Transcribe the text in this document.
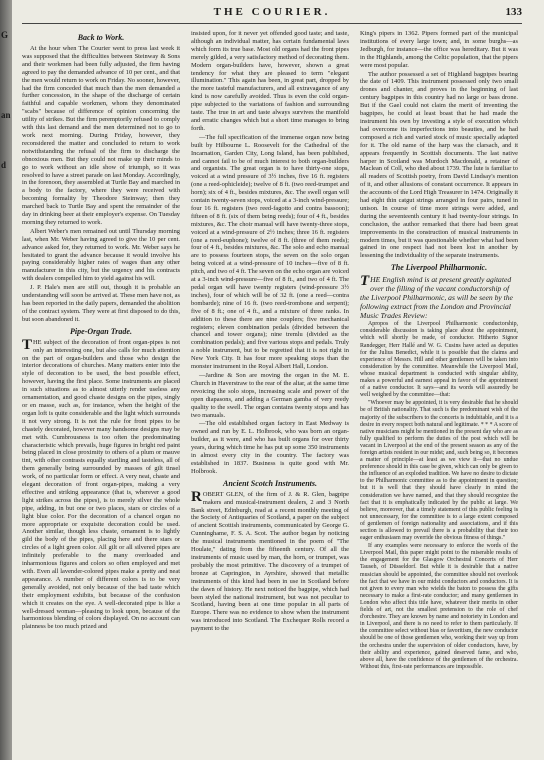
G
an
d
THE COURIER.	133
Back to Work.

At the hour when The Courier went to press last week it was supposed that the difficulties between Steinway & Sons and their workmen had been fully adjusted, the firm having agreed to pay the demanded advance of 10 per cent., and that the men would return to work on Friday. No sooner, however, had the firm conceded that much than the men demanded a further concession, in the shape of the discharge of certain faithful and capable workmen, whom they denominated "scabs" because of difference of opinion concerning the utility of strikes. But the firm peremptorily refused to comply with this last demand and the men determined not to go to work next morning. During Friday, however, they reconsidered the matter and concluded to return to work notwithstanding the refusal of the firm to discharge the obnoxious men. But they could not make up their minds to go to work without an idle show of triumph, so it was resolved to have a street parade on last Monday. Accordingly, in the forenoon, they assembled at Turtle Bay and marched in a body to the factory, where they were received with becoming formality by Theodore Steinway; then they marched back to Turtle Bay and spent the remainder of the day in drinking beer at their employer's expense. On Tuesday morning they returned to work.

Albert Weber's men remained out until Thursday morning last, when Mr. Weber having agreed to give the 10 per cent. advance asked for, they returned to work. Mr. Weber says he hesitated to grant the advance because it would involve his paying considerably higher rates of wages than any other manufacturer in this city, but the urgency and his contracts with dealers compelled him to yield against his will.

J. P. Hale's men are still out, though it is probable an understanding will soon be arrived at. These men have not, as has been reported in the daily papers, demanded the abolition of the contract system. They were at first disposed to do this, but soon abandoned it.

Pipe-Organ Trade.

THE subject of the decoration of front organ-pipes is not only an interesting one, but also calls for much attention on the part of organ-builders and those who design the interior decorations of churches. Many matters enter into the style of decoration to be used, the best possible effect, however, having the first place. Some instruments are placed in such situations as to almost utterly render useless any ornamentation, and good chaste designs on the pipes, singly or en masse, such as, for instance, when the height of the organ loft is quite considerable and the light which surrounds it not very strong. It is not the rule for front pipes to be chastely decorated, however many handsome designs may be met with. Cumbrousness is too often the predominating characteristic which prevails, huge figures in bright red paint being placed in close proximity to others of a plum or mauve tint, with other contrasts equally startling and tasteless, all of them generally being surrounded by masses of gilt tinsel work, of no particular form or effect. A very neat, chaste and elegant decoration of front organ-pipes, making a very effective and striking appearance (that is, wherever a good light strikes across the pipes), is to merely silver the whole pipe, adding, in but one or two places, stars or circles of a light blue color. For the decoration of a chancel organ no more appropriate or exquisite decoration could be used. Another similar, though less chaste, ornament is to lightly gild the body of the pipes, placing here and there stars or circles of a light green color. All gilt or all silvered pipes are infinitely preferable to the many overloaded and inharmonious figures and colors so often employed and met with. Even all lavender-colored pipes make a pretty and neat appearance. A number of different colors is to be very generally avoided, not only because of the bad taste which their employment exhibits, but because of the confusion which it creates on the eye. A well-decorated pipe is like a well-dressed woman—pleasing to look upon, because of the harmonious blending of colors displayed. On no account can plainness be too much prized and

insisted upon, for it never yet offended good taste; and taste, although an individual matter, has certain fundamental laws which form its true base. Most old organs had the front pipes merely gilded, a very satisfactory method of decorating them. Modern organ-builders have, however, shown a great tendency for what they are pleased to term "elegant illumination." This again has been, in great part, dropped by the more tasteful manufacturers, and all extravagance of any kind is now carefully avoided. Thus is even the cold organ-pipe subjected to the variations of fashion and surrounding taste. The true in art and taste always survives the manifold and erratic changes which but a short time manages to bring forth.

—The full specification of the immense organ now being built by Hilbourne L. Roosevelt for the Cathedral of the Incarnation, Garden City, Long Island, has been published, and cannot fail to be of much interest to both organ-builders and organists. The great organ is to have thirty-one stops, voiced at a wind pressure of 3½ inches, five 16 ft. registers (one a reed-ophicleide); twelve of 8 ft. (two reed-trumpet and horn); six of 4 ft., besides mixtures, &c. The swell organ will contain twenty-seven stops, voiced at a 3-inch wind-pressure; four 16 ft. registers (two reed-fagotto and contra bassoon); fifteen of 8 ft. (six of them being reeds); four of 4 ft., besides mixtures, &c. The choir manual will have twenty-three stops, voiced at a wind-pressure of 2½ inches; three 16 ft. registers (one a reed-euphone); twelve of 8 ft. (three of them reeds); four of 4 ft., besides mixtures, &c. The solo and echo manual are to possess fourteen stops, the seven on the solo organ being voiced at a wind-pressure of 10 inches—five of 8 ft. pitch, and two of 4 ft. The seven on the echo organ are voiced at a 3-inch wind-pressure—five of 8 ft., and two of 4 ft. The pedal organ will have twenty registers (wind-pressure 3½ inches), four of which will be of 32 ft. (one a reed—contra bombarde); nine of 16 ft. (two reed-trombone and serpent); five of 8 ft.; one of 4 ft., and a mixture of three ranks. In addition to these there are nine couplers; five mechanical registers; eleven combination pedals (divided between the chancel and tower organs); nine tremlu (divided as the combination pedals); and five various stops and pedals. Truly a noble instrument, but to be regretted that it is not right in New York City. It has four more speaking stops than the monster instrument in the Royal Albert Hall, London.

—Jardine & Son are moving the organ in the M. E. Church in Haverstraw to the rear of the altar, at the same time revoicing the solo stops, increasing scale and power of the open diapasons, and adding a German gamba of very reedy quality to the swell. The organ contains twenty stops and has two manuals.

—The old established organ factory in East Medway is owned and run by E. L. Holbrook, who was born an organ-builder, as it were, and who has built organs for over thirty years, during which time he has put up some 350 instruments in almost every city in the country. The factory was established in 1837. Business is quite good with Mr. Holbrook.

Ancient Scotch Instruments.

ROBERT GLEN, of the firm of J. & R. Glen, bagpipe makers and musical-instrument dealers, 2 and 3 North Bank street, Edinburgh, read at a recent monthly meeting of the Society of Antiquaries of Scotland, a paper on the subject of ancient Scottish instruments, communicated by George G. Cunninghame, F. S. A. Scot. The author began by noticing the musical instruments mentioned in the poem of "The Houlate," dating from the fifteenth century. Of all the instruments of music used by man, the horn, or trumpet, was probably the most primitive. The discovery of a trumpet of bronze at Caprington, in Ayrshire, showed that metallic instruments of this kind had been in use in Scotland before the dawn of history. He next noticed the bagpipe, which had been styled the national instrument, but was not peculiar to Scotland, having been at one time popular in all parts of Europe. There was no evidence to show when the instrument was introduced into Scotland. The Exchequer Rolls record a payment to the

King's pipers in 1362. Pipers formed part of the municipal institutions of every large town; and, in some burghs—as Jedburgh, for instance—the office was hereditary. But it was in the Highlands, among the Celtic population, that the pipers were most popular.

The author possessed a set of Highland bagpipes bearing the date of 1409. This instrument possessed only two small drones and chanter, and proves in the beginning of last century bagpipes in this country had no large or bass drone. But if the Gael could not claim the merit of inventing the bagpipes, he could at least boast that he had made the instrument his own by investing a style of execution which had overcome its imperfections into beauties, and he had composed a rich and varied stock of music specially adapted for it. The old name of the harp was the clarsach, and it appears frequently in Scottish documents. The last native harper in Scotland was Murdoch Macdonald, a retainer of Maclean of Coll, who died about 1739. The lute is familiar to all readers of Scottish poetry, from David Lindsay's mention of it, and other allusions of constant occurrence. It appears in the accounts of the Lord High Treasurer in 1474. Originally it had eight thin catgut strings arranged in four pairs, tuned in unison. In course of time more strings were added, and during the seventeenth century it had twenty-four strings. In conclusion, the author remarked that there had been great improvements in the construction of musical instruments in modern times, but it was questionable whether what had been gained in one respect had not been lost in another by lessening the individuality of the separate instruments.

The Liverpool Philharmonic.

THE English mind is at present greatly agitated over the filling of the vacant conductorship of the Liverpool Philharmonic, as will be seen by the following extract from the London and Provincial Music Trades Review:

Apropos of the Liverpool Philharmonic conductorship, considerable discussion is taking place about the appointment, which will shortly be made, of conductor. Hitherto Signor Randegger, Herr Hallé and W. G. Cusins have acted as deputies for the Julius Benedict, while it is possible that the claims and experience of Messrs. Hill and other gentlemen will be taken into consideration by the committee. Meanwhile the Liverpool Mail, whose musical department is conducted with singular ability, makes a powerful and earnest appeal in favor of the appointment of a native conductor. It says—and its words will assuredly be well weighed by the committee—that:

"Whoever may be appointed, it is very desirable that he should be of British nationality. That such is the predominant wish of the majority of the subscribers to the concerts is indubitable, and it is a desire in every respect both natural and legitimate. * * * A score of native musicians might be mentioned in the present day who are as fully qualified to perform the duties of the post which will be vacant in Liverpool at the end of the present season as any of the foreign artists resident in our midst; and, such being so, it becomes a matter of principle—at least as we view it—that no undue preference should in this case be given, which can only be given to the influence of an exploded tradition. We have no desire to dictate to the Philharmonic committee as to the appointment in question; but it is well that they should have clearly in mind the consideration we have named, and that they should recognize the fact that it is emphatically indicated by the public at large. We believe, moreover, that a timely statement of this public feeling is not unnecessary, for the committee is to a large extent composed of gentlemen of foreign nationality and associations, and if this section is allowed to prevail there is a probability that their too eager enthusiasm may override the obvious fitness of things."

If any examples were necessary to enforce the words of the Liverpool Mail, this paper might point to the miserable results of the engagement for the Glasgow Orchestral Concerts of Herr Tauseh, of Düsseldorf. But while it is desirable that a native musician should be appointed, the committee should not overlook the fact that we have in our midst conductors and conductors. It is not given to every man who wields the baton to possess the gifts necessary to make a first-rate conductor; and many gentlemen in London who affect this title have, whatever their merits in other fields of art, not the smallest pretension to the role of chef d'orchestre. They are known by name and notoriety in London and in Liverpool, and there is no need to refer to them particularly. If the committee select without bias or favoritism, the new conductor should be one of those gentlemen who, working their way up from the orchestra under the supervision of older conductors, have, by their ability and experience, gained deserved fame, and who, above all, have the confidence of the gentlemen of the orchestra. Without this, first-rate performances are impossible.
